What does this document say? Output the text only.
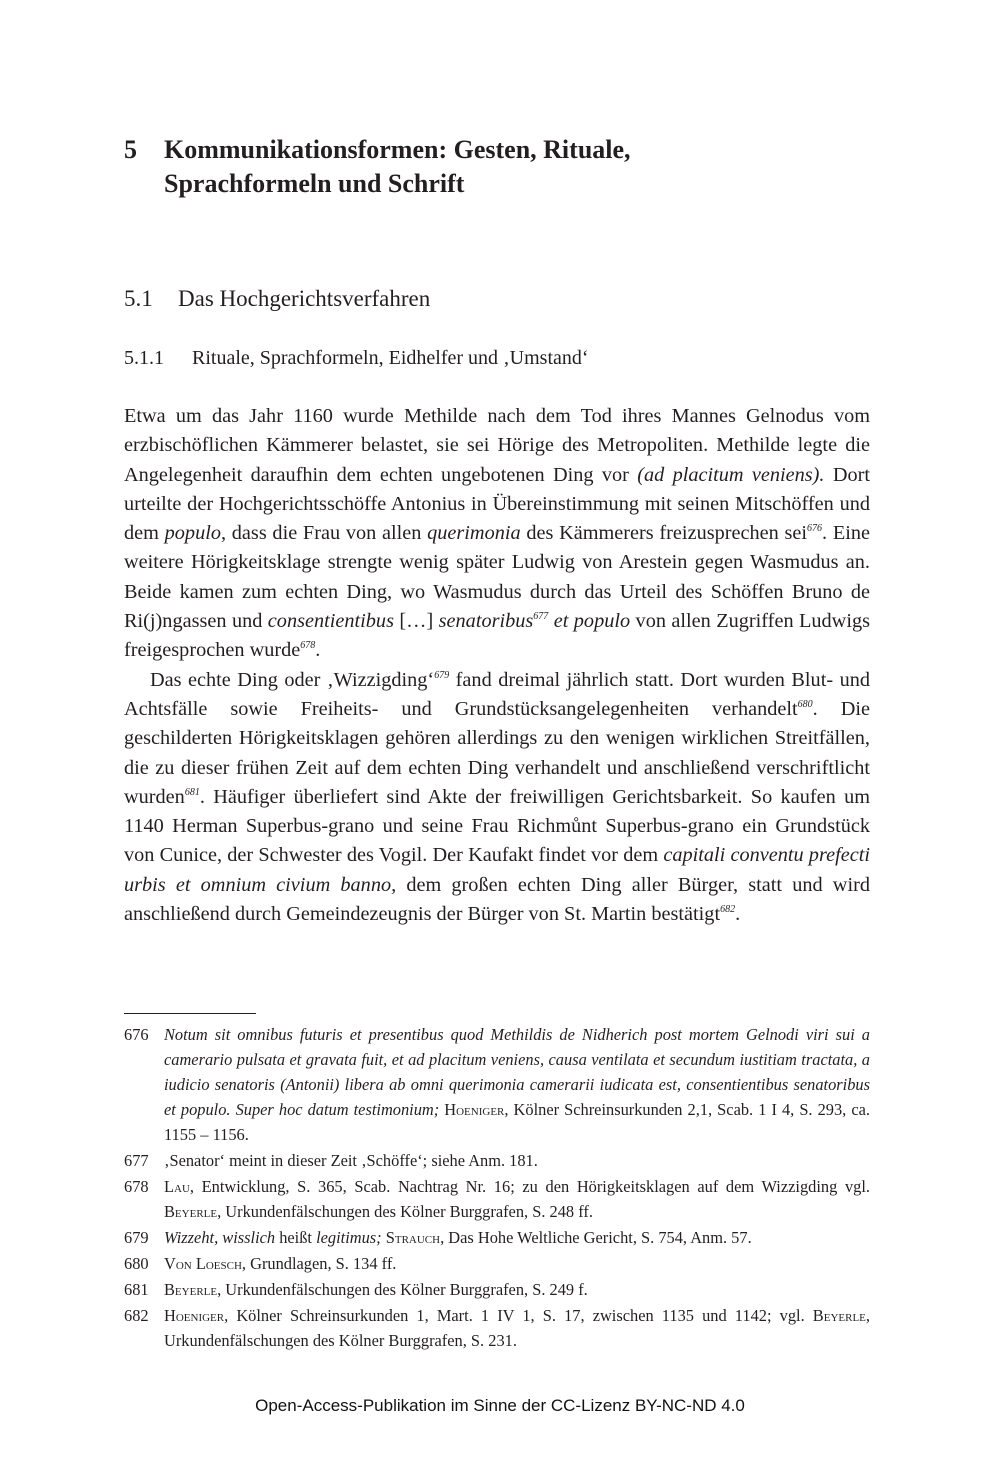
5	Kommunikationsformen: Gesten, Rituale,
Sprachformeln und Schrift
5.1	Das Hochgerichtsverfahren
5.1.1	Rituale, Sprachformeln, Eidhelfer und ‚Umstand‘

Etwa um das Jahr 1160 wurde Methilde nach dem Tod ihres Mannes Gelnodus vom erzbischöflichen Kämmerer belastet, sie sei Hörige des Metropoliten. Methilde legte die Angelegenheit daraufhin dem echten ungebotenen Ding vor (ad placitum veniens). Dort urteilte der Hochgerichtsschöffe Antonius in Übereinstimmung mit seinen Mitschöffen und dem populo, dass die Frau von allen querimonia des Kämmerers freizusprechen sei$^{676}$. Eine weitere Hörigkeitsklage strengte wenig später Ludwig von Arestein gegen Wasmudus an. Beide kamen zum echten Ding, wo Wasmudus durch das Urteil des Schöffen Bruno de Ri(j)ngassen und consentientibus […] senatoribus$^{677}$ et populo von allen Zugriffen Ludwigs freigesprochen wurde$^{678}$.

Das echte Ding oder ‚Wizzigding‘$^{679}$ fand dreimal jährlich statt. Dort wurden Blut- und Achtsfälle sowie Freiheits- und Grundstücksangelegenheiten verhandelt$^{680}$. Die geschilderten Hörigkeitsklagen gehören allerdings zu den wenigen wirklichen Streitfällen, die zu dieser frühen Zeit auf dem echten Ding verhandelt und anschließend verschriftlicht wurden$^{681}$. Häufiger überliefert sind Akte der freiwilligen Gerichtsbarkeit. So kaufen um 1140 Herman Superbus-grano und seine Frau Richmůnt Superbus-grano ein Grundstück von Cunice, der Schwester des Vogil. Der Kaufakt findet vor dem capitali conventu prefecti urbis et omnium civium banno, dem großen echten Ding aller Bürger, statt und wird anschließend durch Gemeindezeugnis der Bürger von St. Martin bestätigt$^{682}$.

676 Notum sit omnibus futuris et presentibus quod Methildis de Nidherich post mortem Gelnodi viri sui a camerario pulsata et gravata fuit, et ad placitum veniens, causa ventilata et secundum iustitiam tractata, a iudicio senatoris (Antonii) libera ab omni querimonia camerarii iudicata est, consentientibus senatoribus et populo. Super hoc datum testimonium; Hoeniger, Kölner Schreinsurkunden 2,1, Scab. 1 I 4, S. 293, ca. 1155 – 1156.
677 ‚Senator‘ meint in dieser Zeit ‚Schöffe‘; siehe Anm. 181.
678 Lau, Entwicklung, S. 365, Scab. Nachtrag Nr. 16; zu den Hörigkeitsklagen auf dem Wizzigding vgl. Beyerle, Urkundenfälschungen des Kölner Burggrafen, S. 248 ff.
679 Wizzeht, wisslich heißt legitimus; Strauch, Das Hohe Weltliche Gericht, S. 754, Anm. 57.
680 Von Loesch, Grundlagen, S. 134 ff.
681 Beyerle, Urkundenfälschungen des Kölner Burggrafen, S. 249 f.
682 Hoeniger, Kölner Schreinsurkunden 1, Mart. 1 IV 1, S. 17, zwischen 1135 und 1142; vgl. Beyerle, Urkundenfälschungen des Kölner Burggrafen, S. 231.
Open-Access-Publikation im Sinne der CC-Lizenz BY-NC-ND 4.0
